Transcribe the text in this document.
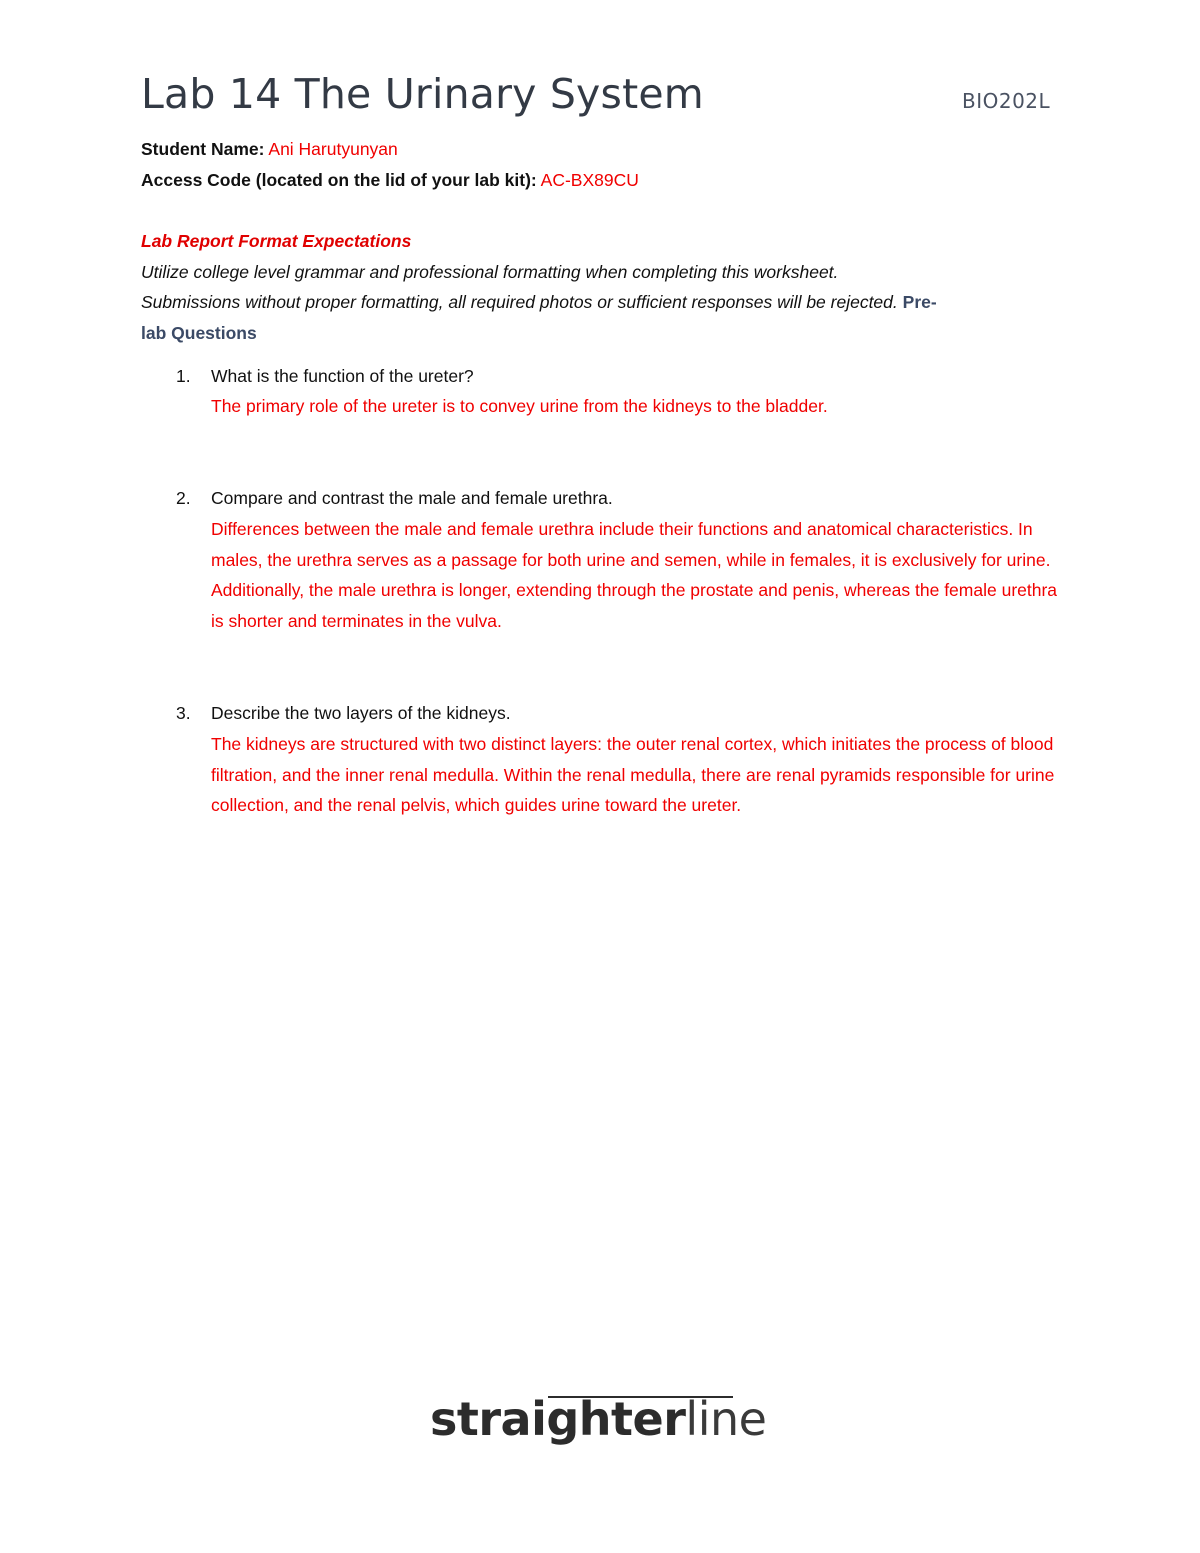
Lab 14 The Urinary System	BIO202L
Student Name: Ani Harutyunyan
Access Code (located on the lid of your lab kit): AC-BX89CU
Lab Report Format Expectations
Utilize college level grammar and professional formatting when completing this worksheet.
Submissions without proper formatting, all required photos or sufficient responses will be rejected. Pre-
lab Questions
1. What is the function of the ureter?
The primary role of the ureter is to convey urine from the kidneys to the bladder.
2. Compare and contrast the male and female urethra.
Differences between the male and female urethra include their functions and anatomical characteristics. In males, the urethra serves as a passage for both urine and semen, while in females, it is exclusively for urine. Additionally, the male urethra is longer, extending through the prostate and penis, whereas the female urethra is shorter and terminates in the vulva.
3. Describe the two layers of the kidneys.
The kidneys are structured with two distinct layers: the outer renal cortex, which initiates the process of blood filtration, and the inner renal medulla. Within the renal medulla, there are renal pyramids responsible for urine collection, and the renal pelvis, which guides urine toward the ureter.
straighterline
